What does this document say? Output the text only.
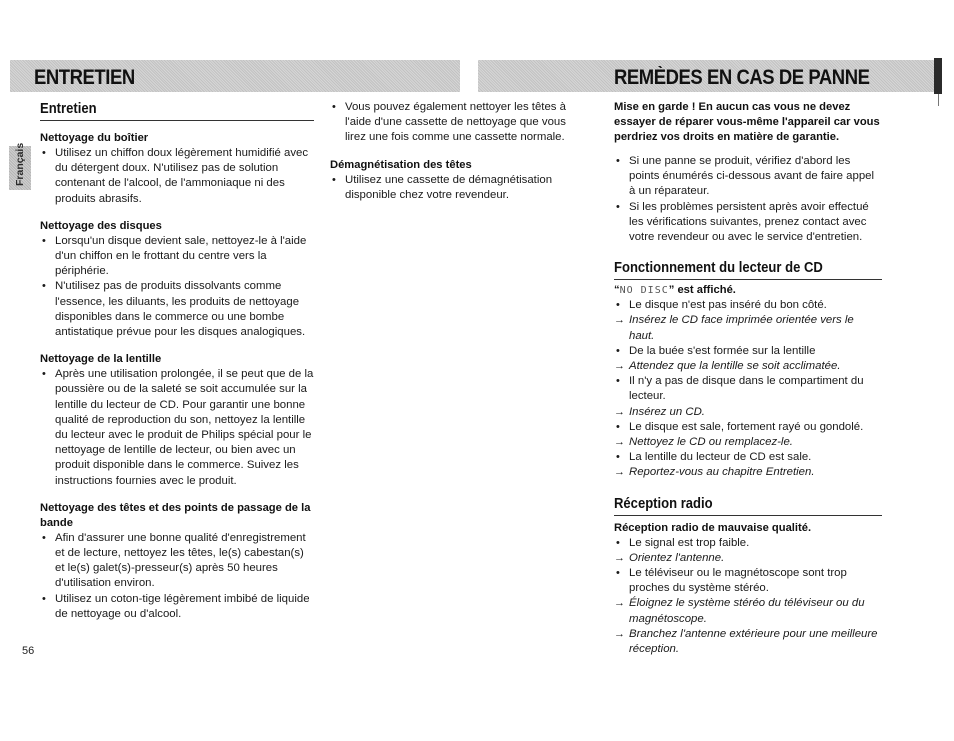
ENTRETIEN	REMÈDES EN CAS DE PANNE
Français
Entretien
Nettoyage du boîtier
• Utilisez un chiffon doux légèrement humidifié avec du détergent doux. N'utilisez pas de solution contenant de l'alcool, de l'ammoniaque ni des produits abrasifs.
Nettoyage des disques
• Lorsqu'un disque devient sale, nettoyez-le à l'aide d'un chiffon en le frottant du centre vers la périphérie.
• N'utilisez pas de produits dissolvants comme l'essence, les diluants, les produits de nettoyage disponibles dans le commerce ou une bombe antistatique prévue pour les disques analogiques.
Nettoyage de la lentille
• Après une utilisation prolongée, il se peut que de la poussière ou de la saleté se soit accumulée sur la lentille du lecteur de CD. Pour garantir une bonne qualité de reproduction du son, nettoyez la lentille du lecteur avec le produit de Philips spécial pour le nettoyage de lentille de lecteur, ou bien avec un produit disponible dans le commerce. Suivez les instructions fournies avec le produit.
Nettoyage des têtes et des points de passage de la bande
• Afin d'assurer une bonne qualité d'enregistrement et de lecture, nettoyez les têtes, le(s) cabestan(s) et le(s) galet(s)-presseur(s) après 50 heures d'utilisation environ.
• Utilisez un coton-tige légèrement imbibé de liquide de nettoyage ou d'alcool.
• Vous pouvez également nettoyer les têtes à l'aide d'une cassette de nettoyage que vous lirez une fois comme une cassette normale.
Démagnétisation des têtes
• Utilisez une cassette de démagnétisation disponible chez votre revendeur.
Mise en garde ! En aucun cas vous ne devez essayer de réparer vous-même l'appareil car vous perdriez vos droits en matière de garantie.
• Si une panne se produit, vérifiez d'abord les points énumérés ci-dessous avant de faire appel à un réparateur.
• Si les problèmes persistent après avoir effectué les vérifications suivantes, prenez contact avec votre revendeur ou avec le service d'entretien.
Fonctionnement du lecteur de CD
“NO DISC” est affiché.
• Le disque n'est pas inséré du bon côté.
→ Insérez le CD face imprimée orientée vers le haut.
• De la buée s'est formée sur la lentille
→ Attendez que la lentille se soit acclimatée.
• Il n'y a pas de disque dans le compartiment du lecteur.
→ Insérez un CD.
• Le disque est sale, fortement rayé ou gondolé.
→ Nettoyez le CD ou remplacez-le.
• La lentille du lecteur de CD est sale.
→ Reportez-vous au chapitre Entretien.
Réception radio
Réception radio de mauvaise qualité.
• Le signal est trop faible.
→ Orientez l'antenne.
• Le téléviseur ou le magnétoscope sont trop proches du système stéréo.
→ Éloignez le système stéréo du téléviseur ou du magnétoscope.
→ Branchez l'antenne extérieure pour une meilleure réception.
56
